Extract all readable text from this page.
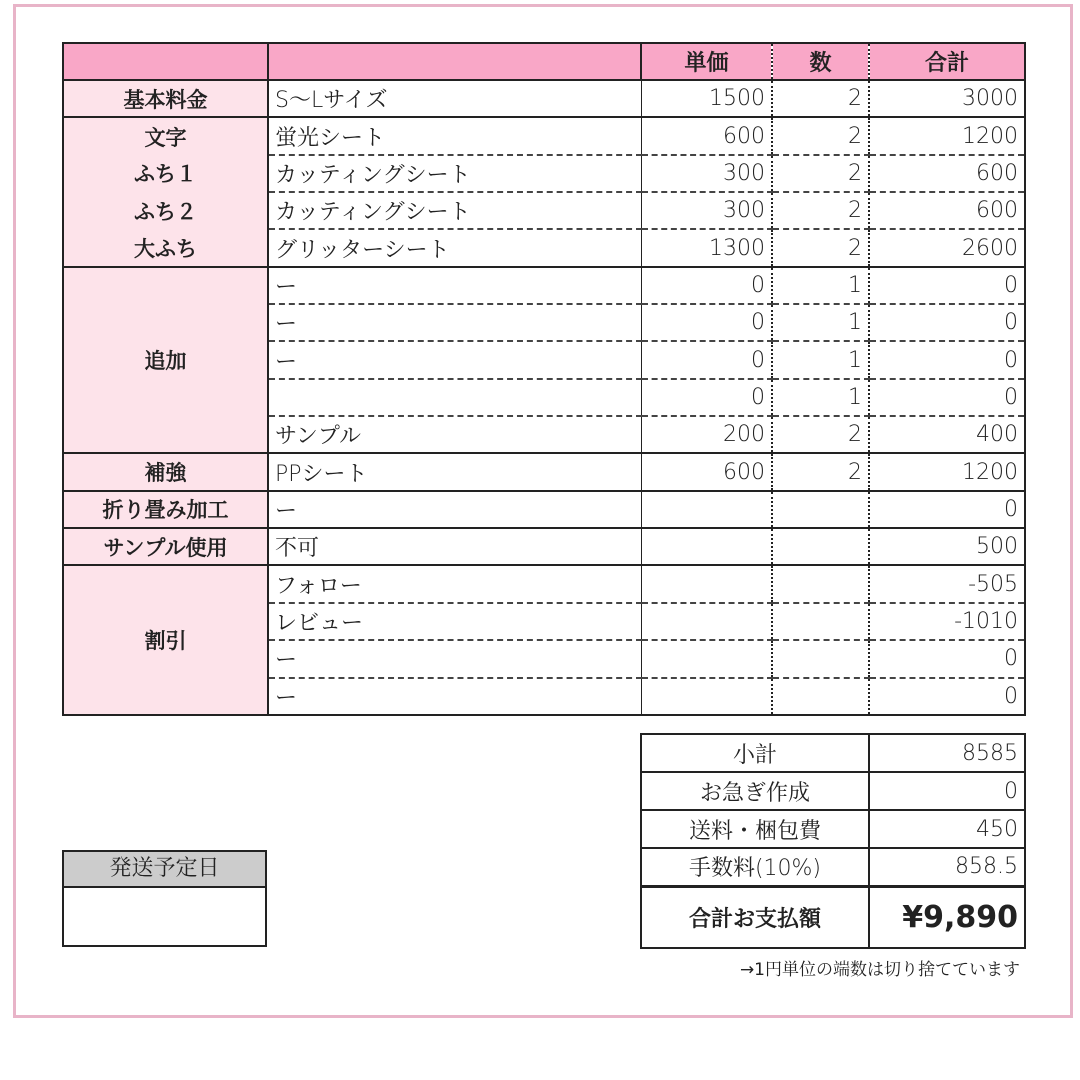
		単価	数	合計
基本料金	S〜Lサイズ	1500	2	3000
文字	蛍光シート	600	2	1200
ふち１	カッティングシート	300	2	600
ふち２	カッティングシート	300	2	600
大ふち	グリッターシート	1300	2	2600
追加	ー	0	1	0
	ー	0	1	0
	ー	0	1	0
		0	1	0
	サンプル	200	2	400
補強	PPシート	600	2	1200
折り畳み加工	ー			0
サンプル使用	不可			500
割引	フォロー			-505
	レビュー			-1010
	ー			0
	ー			0
小計	8585
お急ぎ作成	0
送料・梱包費	450
手数料(10%)	858.5
合計お支払額	¥9,890
→1円単位の端数は切り捨てています
発送予定日
